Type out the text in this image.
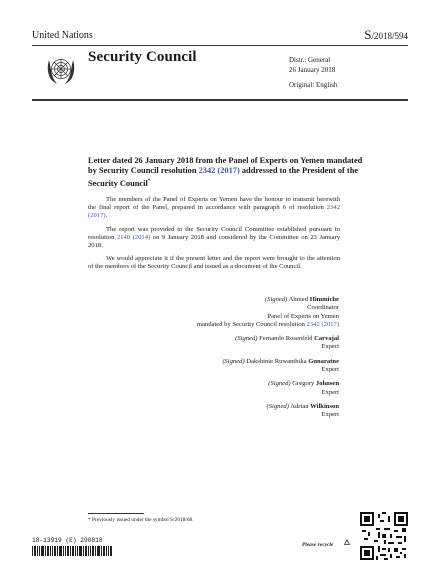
United Nations	S/2018/594
Security Council	Distr.: General
26 January 2018
Original: English
Letter dated 26 January 2018 from the Panel of Experts on Yemen mandated by Security Council resolution 2342 (2017) addressed to the President of the Security Council*

The members of the Panel of Experts on Yemen have the honour to transmit herewith the final report of the Panel, prepared in accordance with paragraph 6 of resolution 2342 (2017).

The report was provided to the Security Council Committee established pursuant to resolution 2140 (2014) on 9 January 2018 and considered by the Committee on 23 January 2018.

We would appreciate it if the present letter and the report were brought to the attention of the members of the Security Council and issued as a document of the Council.

(Signed) Ahmed Himmiche
Coordinator
Panel of Experts on Yemen
mandated by Security Council resolution 2342 (2017)
(Signed) Fernando Rosenfeld Carvajal
Expert
(Signed) Dakshinie Ruwanthika Gunaratne
Expert
(Signed) Gregory Johnsen
Expert
(Signed) Adrian Wilkinson
Expert
* Previously issued under the symbol S/2018/68.
18-13919 (E) 290818
Please recycle
